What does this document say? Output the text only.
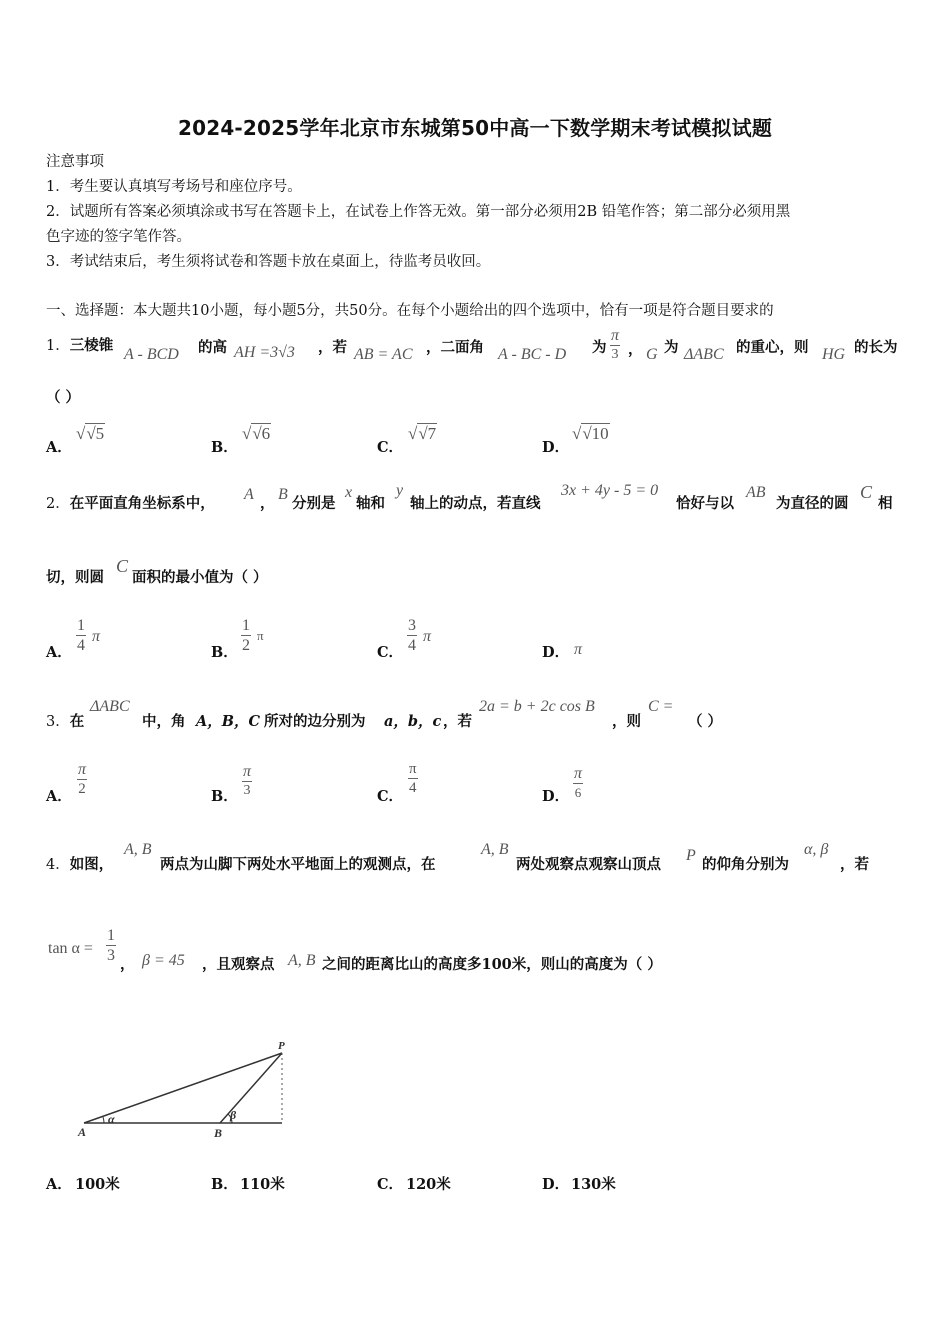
2024-2025学年北京市东城第50中高一下数学期末考试模拟试题
注意事项
1．考生要认真填写考场号和座位序号。
2．试题所有答案必须填涂或书写在答题卡上，在试卷上作答无效。第一部分必须用2B 铅笔作答；第二部分必须用黑
色字迹的签字笔作答。
3．考试结束后，考生须将试卷和答题卡放在桌面上，待监考员收回。
一、选择题：本大题共10小题，每小题5分，共50分。在每个小题给出的四个选项中，恰有一项是符合题目要求的
1．三棱锥
A - BCD 的高 AH =3√3 ，若 AB = AC ，二面角 A - BC - D 为 $\frac{\pi}{3}$ ， G 为 ΔABC 的重心，则 HG 的长为
（ ）
A．
√√5
B．
√√6
C．
√√7
D．
√√10
2．在平面直角坐标系中，
A
，
B
分别是
x
轴和
y
轴上的动点，若直线
3x + 4y - 5 = 0
恰好与以
AB
为直径的圆
C
相
切，则圆
C
面积的最小值为（ ）
A． $\frac{1}{4}$ π
B． $\frac{1}{2}$ π
C． $\frac{3}{4}$ π
D． π
3．在
ΔABC
中，角 A，B，C 所对的边分别为 a，b，c ，若
2a = b + 2c cos B
，则
C =
（ ）
A． $\frac{\pi}{2}$	B． $\frac{\pi}{3}$	C．
$\frac{\pi}{4}$
D．
π
6
4．如图，
A, B
两点为山脚下两处水平地面上的观测点，在
A, B
两处观察点观察山顶点
P
的仰角分别为
α, β
，若
$\tan \alpha = \frac{1}{3}$
， β = 45 ，且观察点 A, B 之间的距离比山的高度多100米，则山的高度为（ ）
A	B
P
α	β
A． 100米	B． 110米	C． 120米	D． 130米
